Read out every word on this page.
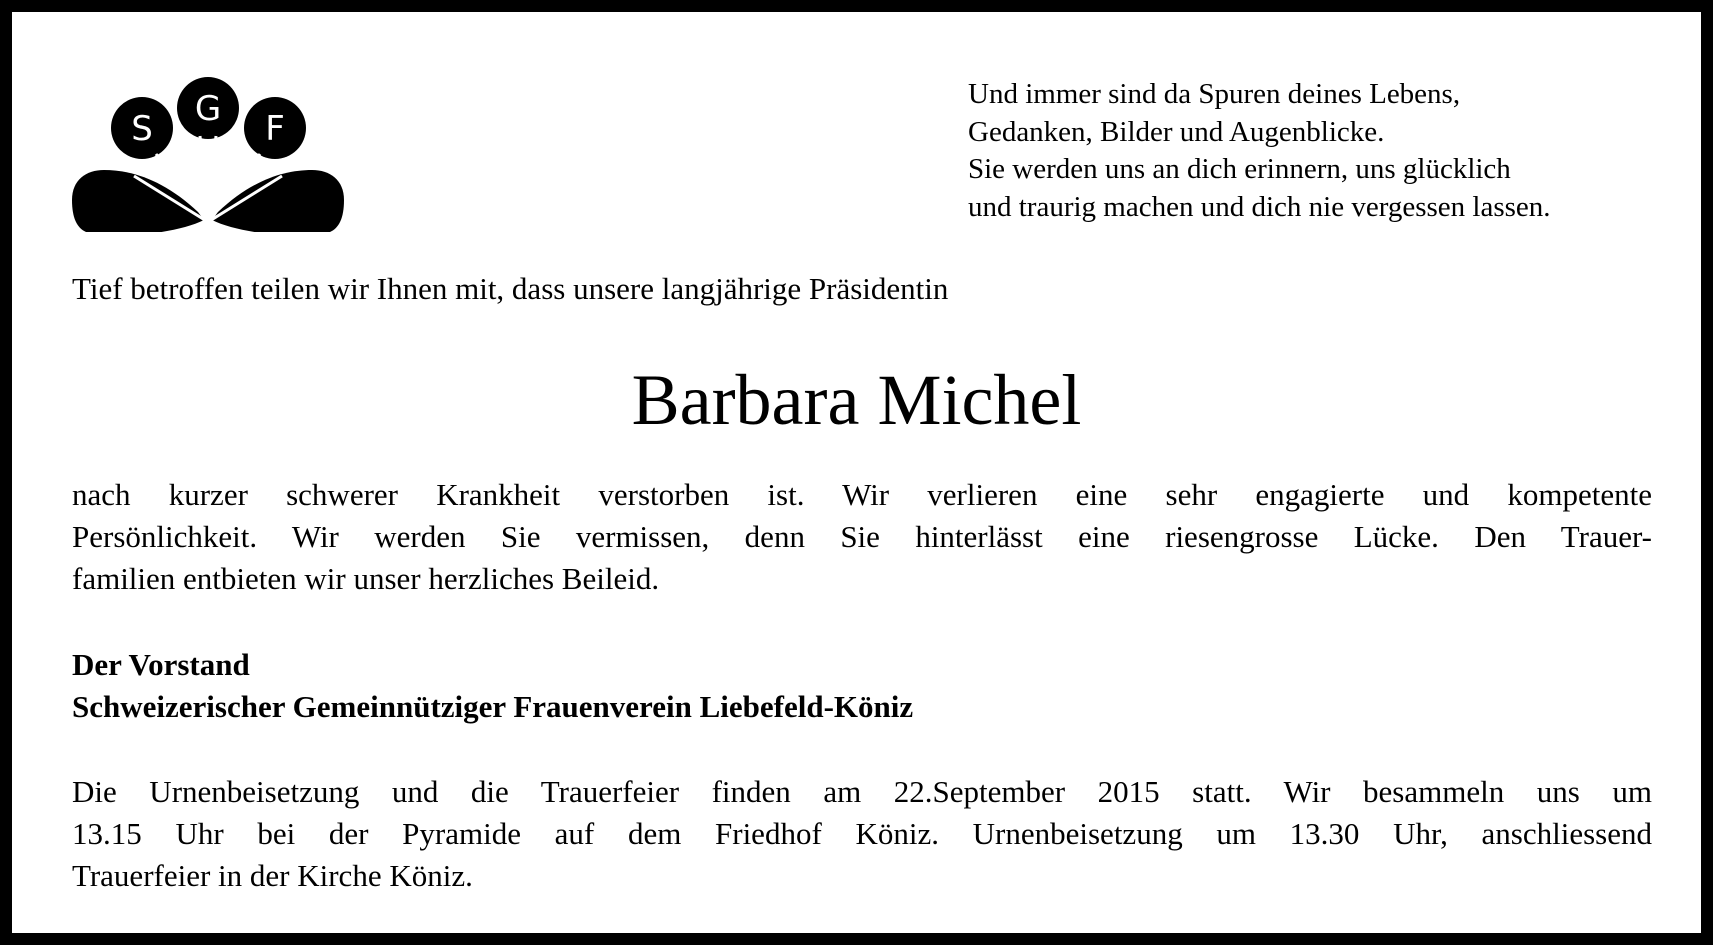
S G F
Und immer sind da Spuren deines Lebens,
Gedanken, Bilder und Augenblicke.
Sie werden uns an dich erinnern, uns glücklich
und traurig machen und dich nie vergessen lassen.
Tief betroffen teilen wir Ihnen mit, dass unsere langjährige Präsidentin
Barbara Michel
nach kurzer schwerer Krankheit verstorben ist. Wir verlieren eine sehr engagierte und kompetente
Persönlichkeit. Wir werden Sie vermissen, denn Sie hinterlässt eine riesengrosse Lücke. Den Trauer-
familien entbieten wir unser herzliches Beileid.
Der Vorstand
Schweizerischer Gemeinnütziger Frauenverein Liebefeld-Köniz
Die Urnenbeisetzung und die Trauerfeier finden am 22.September 2015 statt. Wir besammeln uns um
13.15 Uhr bei der Pyramide auf dem Friedhof Köniz. Urnenbeisetzung um 13.30 Uhr, anschliessend
Trauerfeier in der Kirche Köniz.
